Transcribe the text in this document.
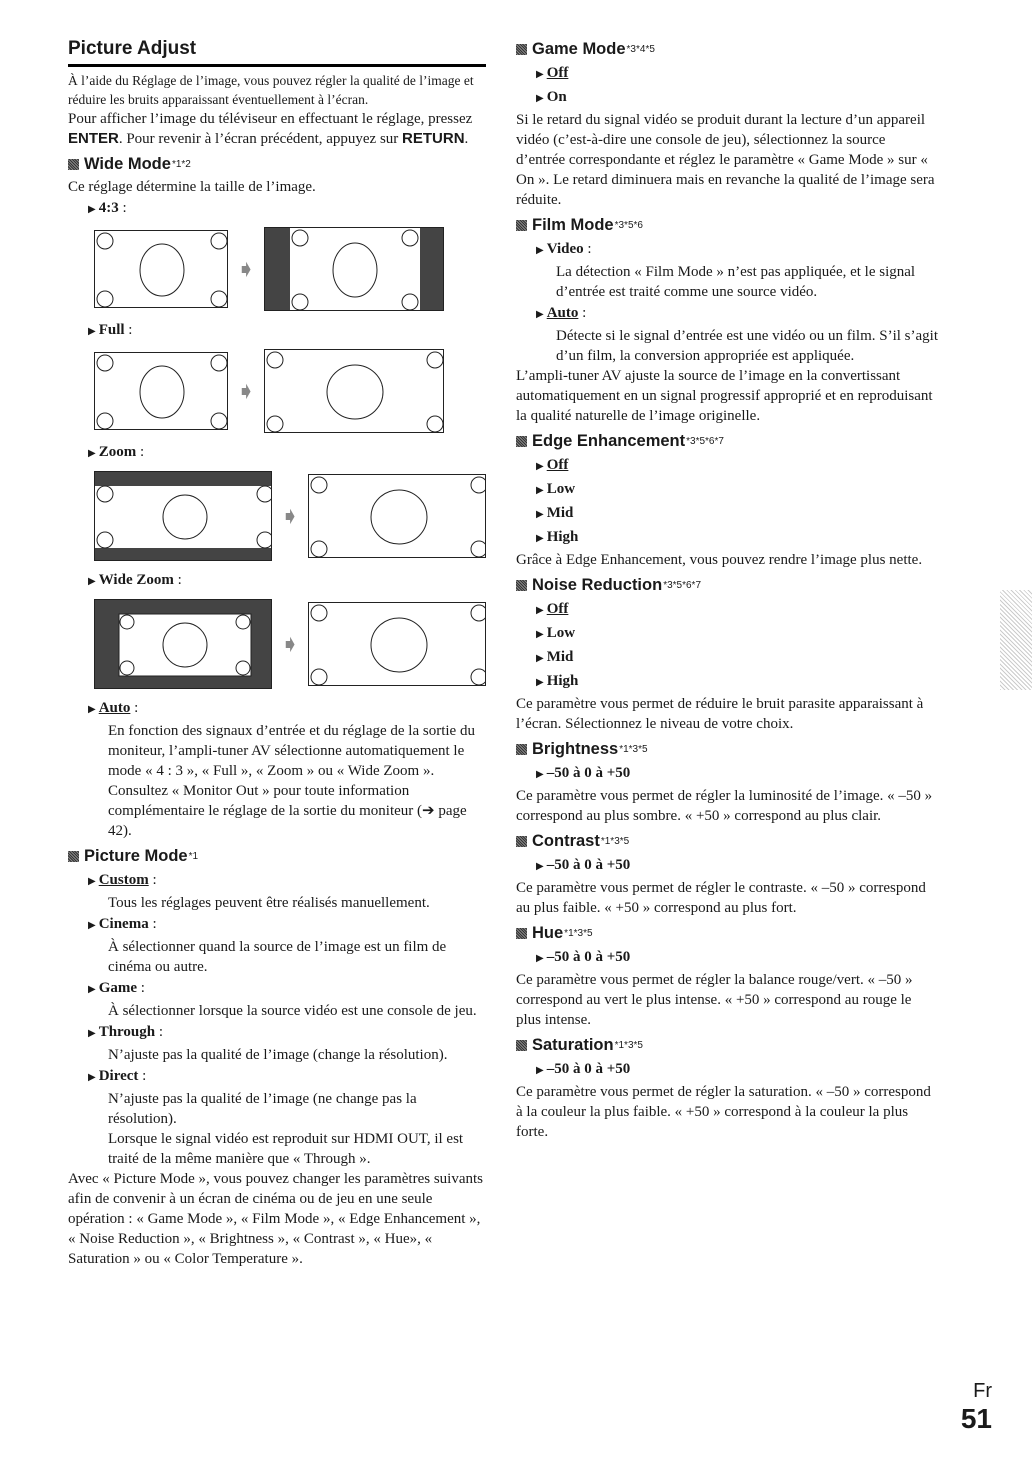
Picture Adjust

À l’aide du Réglage de l’image, vous pouvez régler la qualité de l’image et réduire les bruits apparaissant éventuellement à l’écran.

Pour afficher l’image du téléviseur en effectuant le réglage, pressez ENTER. Pour revenir à l’écran précédent, appuyez sur RETURN.

Wide Mode *1*2

Ce réglage détermine la taille de l’image.

▶ 4:3 :
➧
▶ Full :
➧
▶ Zoom :
➧
▶ Wide Zoom :
➧
▶ Auto :

En fonction des signaux d’entrée et du réglage de la sortie du moniteur, l’ampli-tuner AV sélectionne automatiquement le mode « 4 : 3 », « Full », « Zoom » ou « Wide Zoom ». Consultez « Monitor Out » pour toute information complémentaire le réglage de la sortie du moniteur (➔ page 42).

Picture Mode *1
▶ Custom :

Tous les réglages peuvent être réalisés manuellement.

▶ Cinema :

À sélectionner quand la source de l’image est un film de cinéma ou autre.

▶ Game :

À sélectionner lorsque la source vidéo est une console de jeu.

▶ Through :

N’ajuste pas la qualité de l’image (change la résolution).

▶ Direct :

N’ajuste pas la qualité de l’image (ne change pas la résolution).

Lorsque le signal vidéo est reproduit sur HDMI OUT, il est traité de la même manière que « Through ».

Avec « Picture Mode », vous pouvez changer les paramètres suivants afin de convenir à un écran de cinéma ou de jeu en une seule opération : « Game Mode », « Film Mode », « Edge Enhancement », « Noise Reduction », « Brightness », « Contrast », « Hue», « Saturation » ou « Color Temperature ».

Game Mode *3*4*5
▶ Off
▶ On

Si le retard du signal vidéo se produit durant la lecture d’un appareil vidéo (c’est-à-dire une console de jeu), sélectionnez la source d’entrée correspondante et réglez le paramètre « Game Mode » sur « On ». Le retard diminuera mais en revanche la qualité de l’image sera réduite.

Film Mode *3*5*6
▶ Video :

La détection « Film Mode » n’est pas appliquée, et le signal d’entrée est traité comme une source vidéo.

▶ Auto :

Détecte si le signal d’entrée est une vidéo ou un film. S’il s’agit d’un film, la conversion appropriée est appliquée.

L’ampli-tuner AV ajuste la source de l’image en la convertissant automatiquement en un signal progressif approprié et en reproduisant la qualité naturelle de l’image originelle.

Edge Enhancement *3*5*6*7
▶ Off
▶ Low
▶ Mid
▶ High

Grâce à Edge Enhancement, vous pouvez rendre l’image plus nette.

Noise Reduction *3*5*6*7
▶ Off
▶ Low
▶ Mid
▶ High

Ce paramètre vous permet de réduire le bruit parasite apparaissant à l’écran. Sélectionnez le niveau de votre choix.

Brightness *1*3*5
▶ –50 à 0 à +50

Ce paramètre vous permet de régler la luminosité de l’image. « –50 » correspond au plus sombre. « +50 » correspond au plus clair.

Contrast *1*3*5
▶ –50 à 0 à +50

Ce paramètre vous permet de régler le contraste. « –50 » correspond au plus faible. « +50 » correspond au plus fort.

Hue *1*3*5
▶ –50 à 0 à +50

Ce paramètre vous permet de régler la balance rouge/vert. « –50 » correspond au vert le plus intense. « +50 » correspond au rouge le plus intense.

Saturation *1*3*5
▶ –50 à 0 à +50

Ce paramètre vous permet de régler la saturation. « –50 » correspond à la couleur la plus faible. « +50 » correspond à la couleur la plus forte.

Fr
51
